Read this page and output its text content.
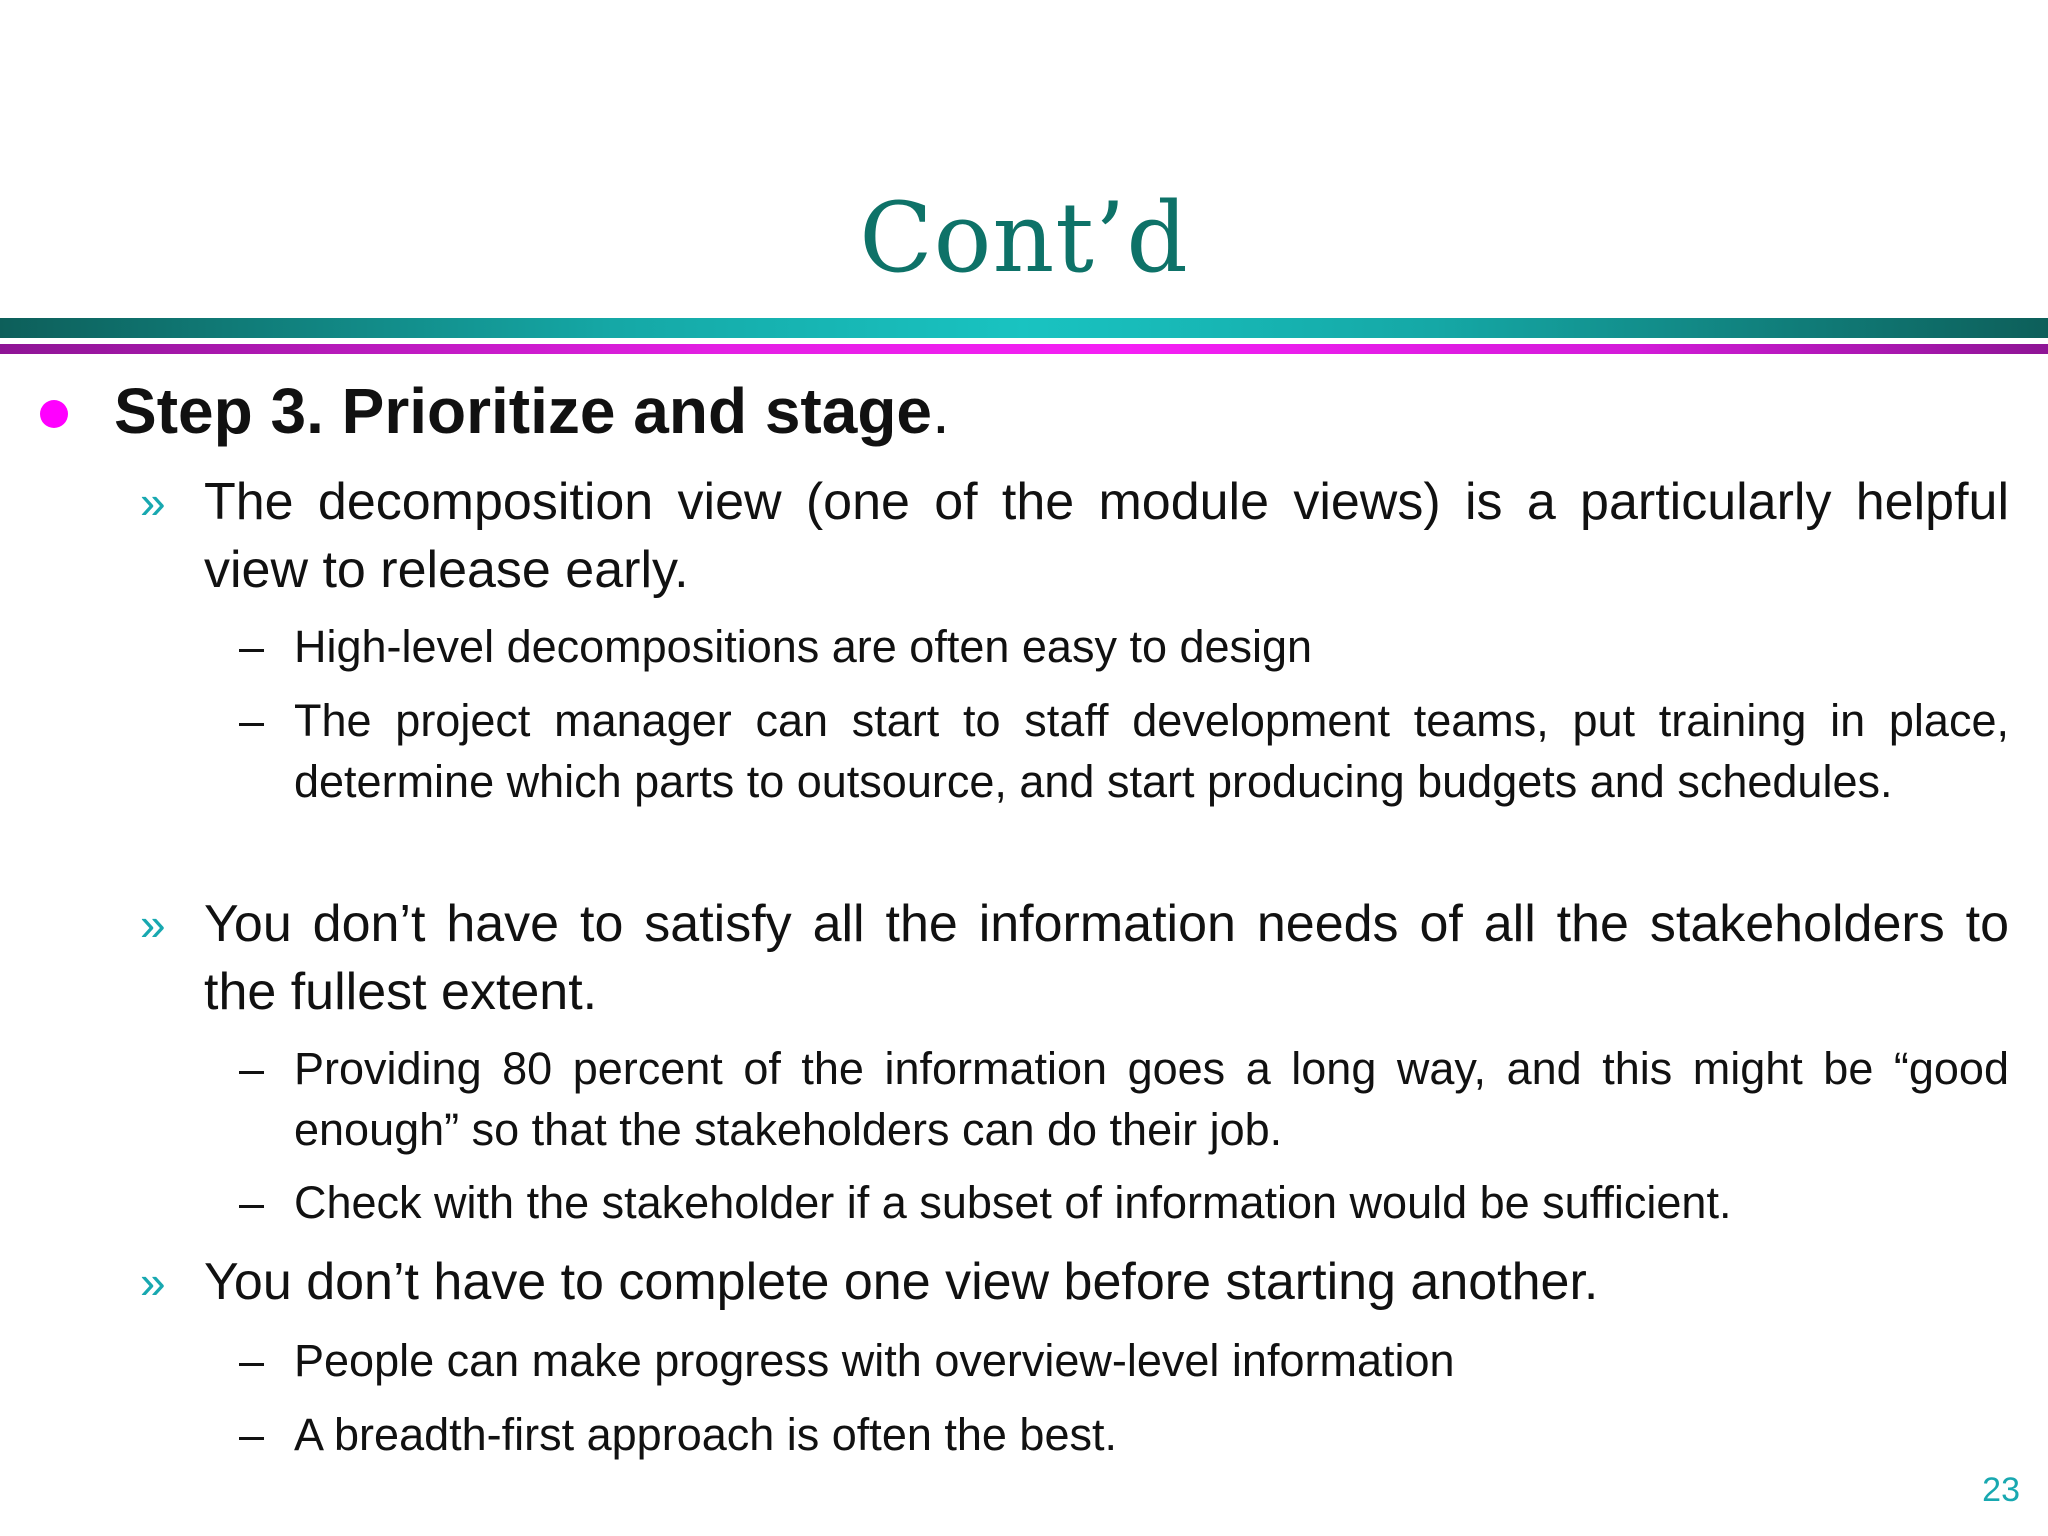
Cont’d
Step 3. Prioritize and stage.
» The decomposition view (one of the module views) is a particularly helpful view to release early.
– High-level decompositions are often easy to design
– The project manager can start to staff development teams, put training in place, determine which parts to outsource, and start producing budgets and schedules.
» You don’t have to satisfy all the information needs of all the stakeholders to the fullest extent.
– Providing 80 percent of the information goes a long way, and this might be “good enough” so that the stakeholders can do their job.
– Check with the stakeholder if a subset of information would be sufficient.
» You don’t have to complete one view before starting another.
– People can make progress with overview-level information
– A breadth-first approach is often the best.
23
